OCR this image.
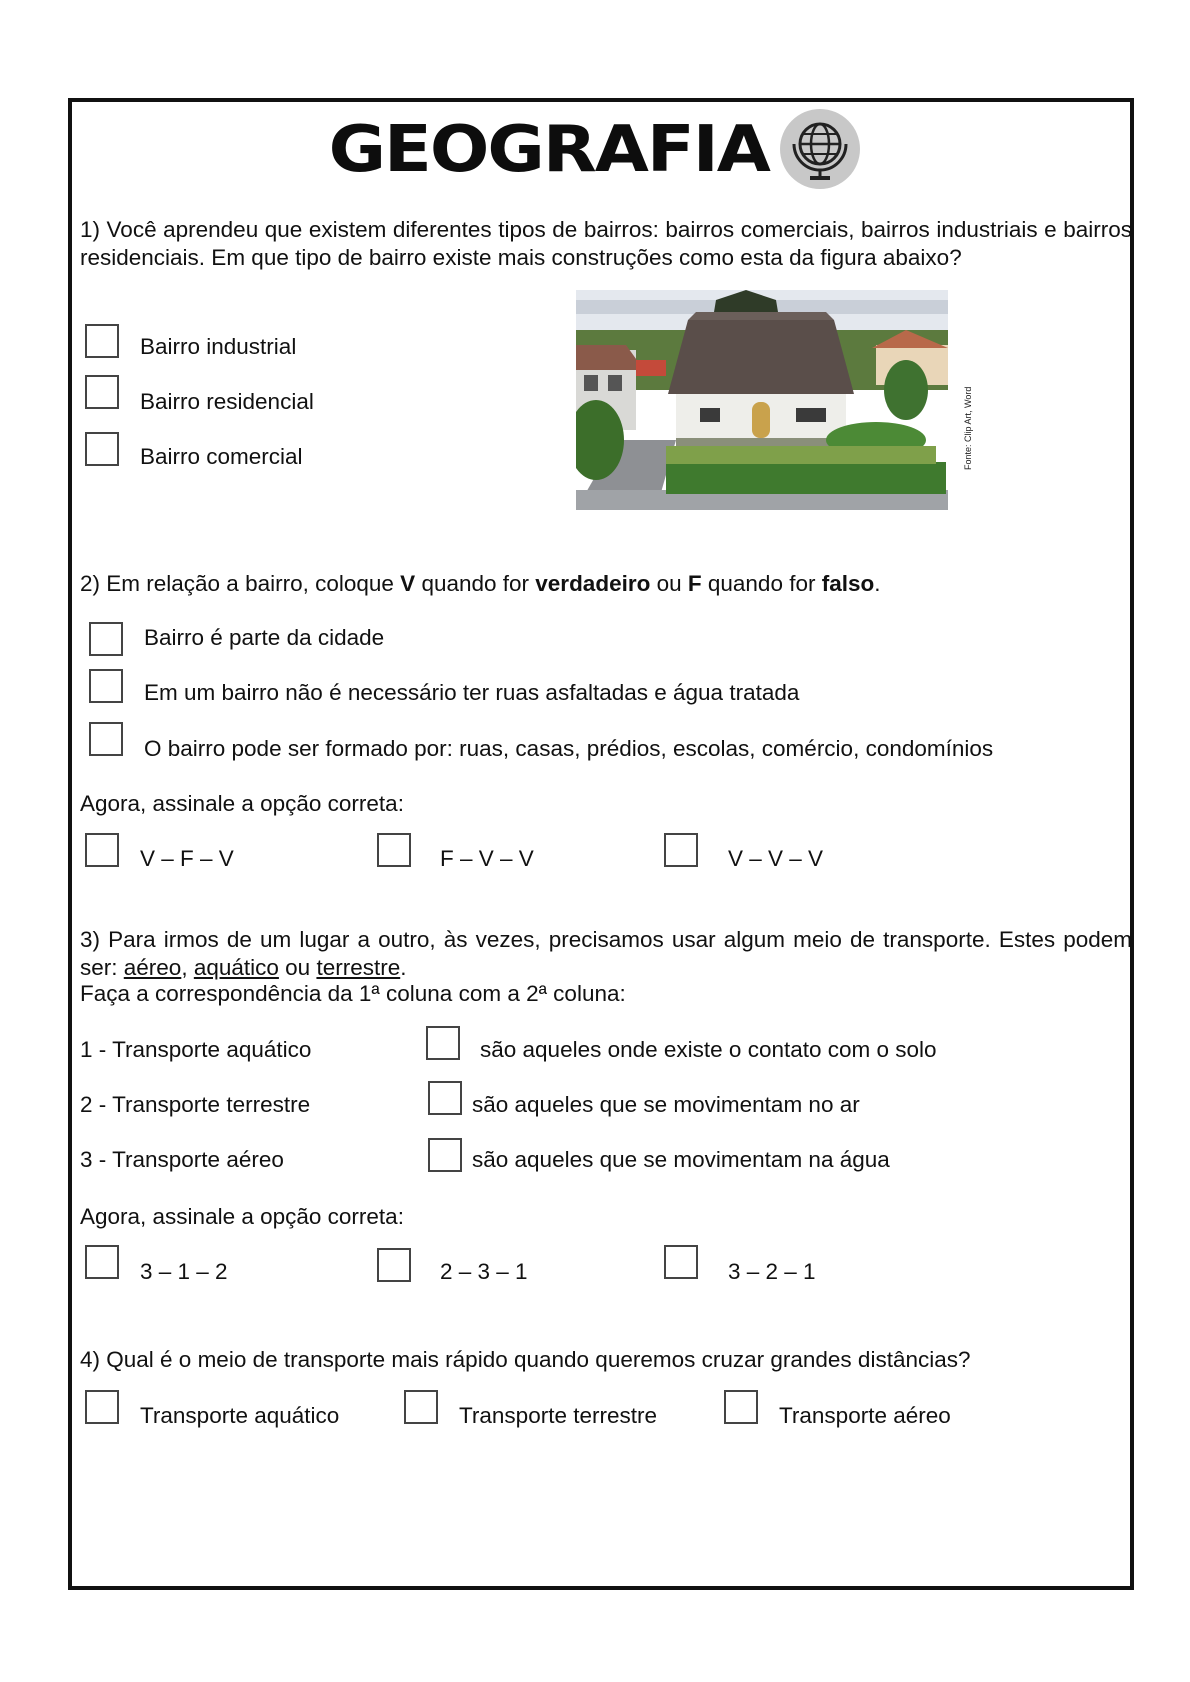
GEOGRAFIA
1) Você aprendeu que existem diferentes tipos de bairros: bairros comerciais, bairros industriais e bairros residenciais. Em que tipo de bairro existe mais construções como esta da figura abaixo?
Bairro industrial
Bairro residencial
Bairro comercial	Fonte: Clip Art, Word
2) Em relação a bairro, coloque V quando for verdadeiro ou F quando for falso.
Bairro é parte da cidade
Em um bairro não é necessário ter ruas asfaltadas e água tratada
O bairro pode ser formado por: ruas, casas, prédios, escolas, comércio, condomínios
Agora, assinale a opção correta:
V – F – V	F – V – V	V – V – V
3) Para irmos de um lugar a outro, às vezes, precisamos usar algum meio de transporte. Estes podem ser: aéreo, aquático ou terrestre.
Faça a correspondência da 1ª coluna com a 2ª coluna:
1 - Transporte aquático	são aqueles onde existe o contato com o solo
2 - Transporte terrestre	são aqueles que se movimentam no ar
3 - Transporte aéreo	são aqueles que se movimentam na água
Agora, assinale a opção correta:
3 – 1 – 2	2 – 3 – 1	3 – 2 – 1
4) Qual é o meio de transporte mais rápido quando queremos cruzar grandes distâncias?
Transporte aquático	Transporte terrestre	Transporte aéreo
